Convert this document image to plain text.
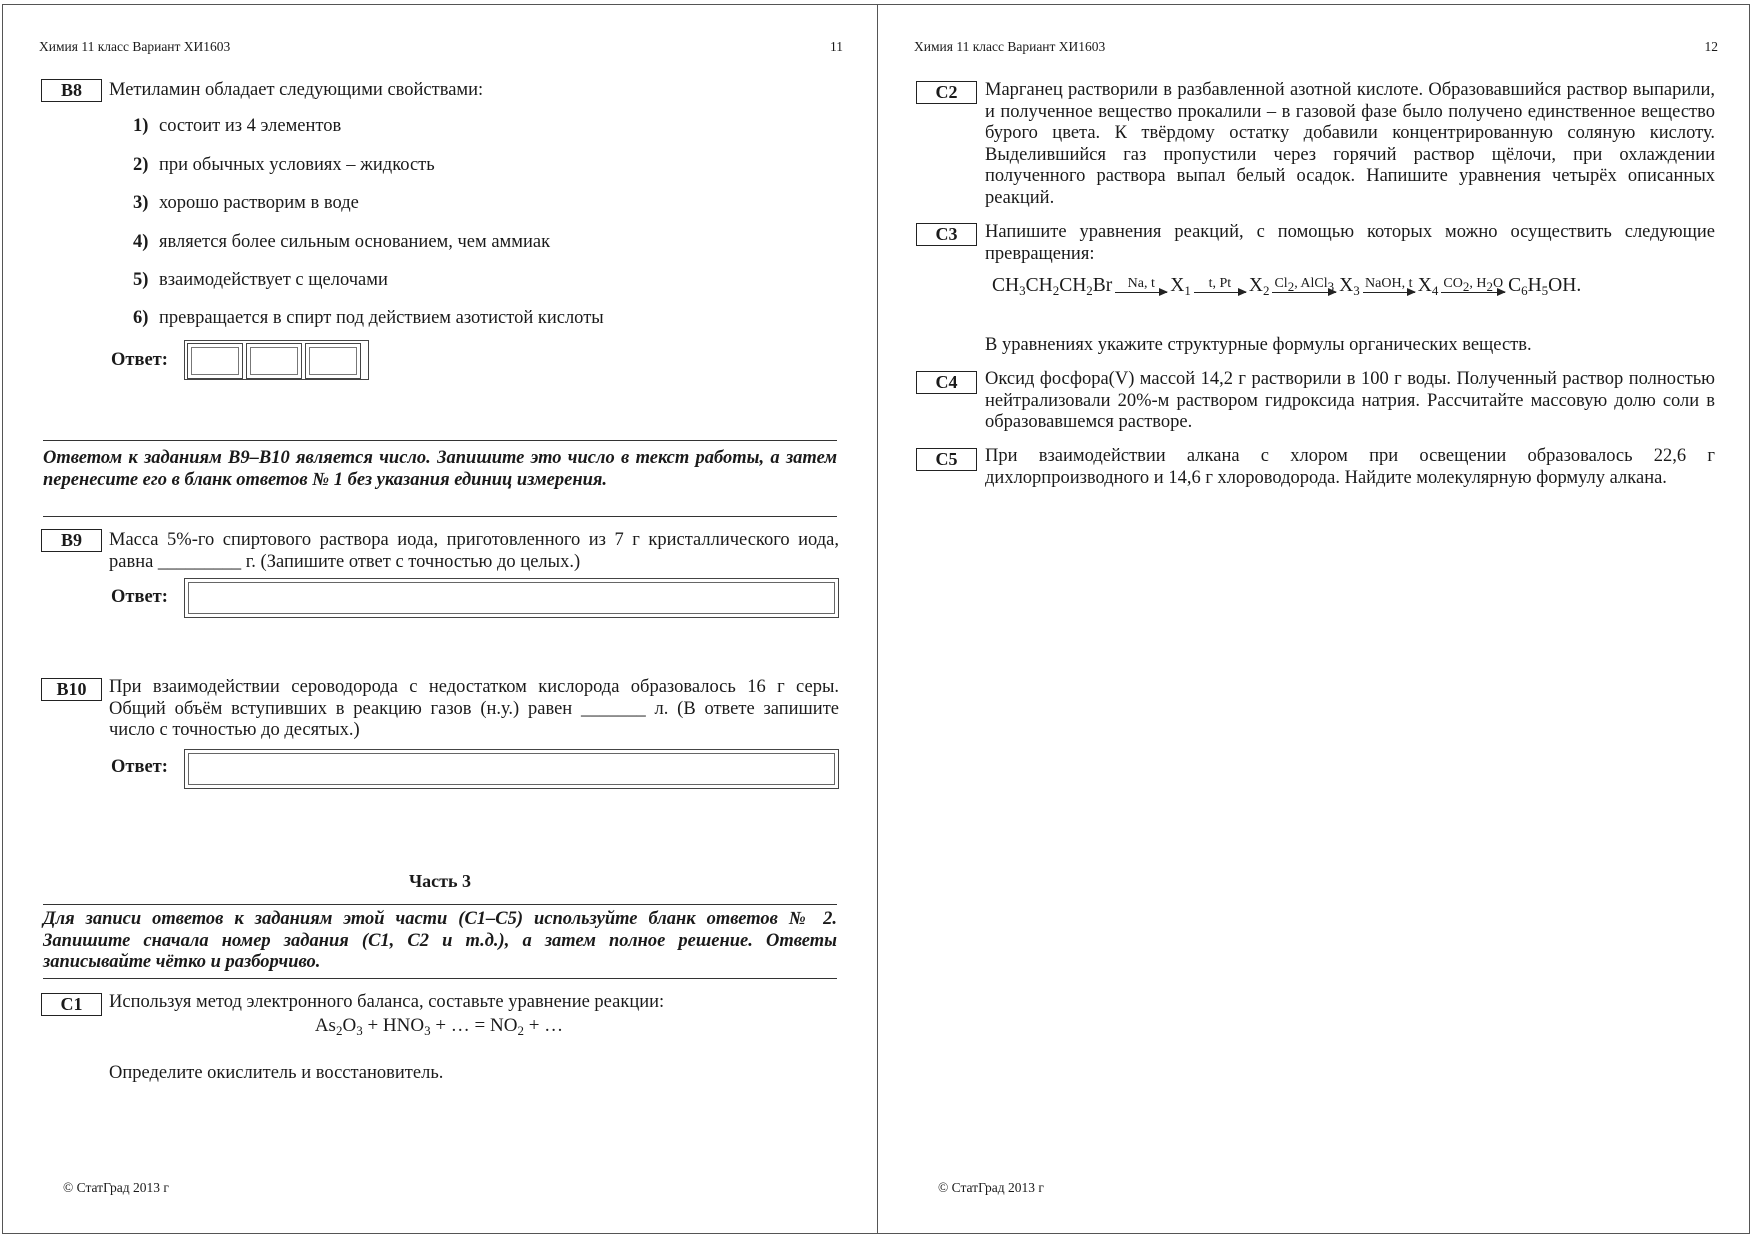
Химия 11 класс Вариант ХИ1603	11
B8	Метиламин обладает следующими свойствами:
1) состоит из 4 элементов
2) при обычных условиях – жидкость
3) хорошо растворим в воде
4) является более сильным основанием, чем аммиак
5) взаимодействует с щелочами
6) превращается в спирт под действием азотистой кислоты
Ответ:
Ответом к заданиям В9–В10 является число. Запишите это число в текст работы, а затем перенесите его в бланк ответов № 1 без указания единиц измерения.
B9	Масса 5%-го спиртового раствора иода, приготовленного из 7 г кристаллического иода, равна _________ г. (Запишите ответ с точностью до целых.)
Ответ:
B10	При взаимодействии сероводорода с недостатком кислорода образовалось 16 г серы. Общий объём вступивших в реакцию газов (н.у.) равен _______ л. (В ответе запишите число с точностью до десятых.)
Ответ:
Часть 3
Для записи ответов к заданиям этой части (С1–С5) используйте бланк ответов № 2. Запишите сначала номер задания (С1, С2 и т.д.), а затем полное решение. Ответы записывайте чётко и разборчиво.
C1	Используя метод электронного баланса, составьте уравнение реакции:
$As_2O_3 + HNO_3$ + … = $NO_2$ + …
Определите окислитель и восстановитель.
© СтатГрад 2013 г
Химия 11 класс Вариант ХИ1603	12
C2	Марганец растворили в разбавленной азотной кислоте. Образовавшийся раствор выпарили, и полученное вещество прокалили – в газовой фазе было получено единственное вещество бурого цвета. К твёрдому остатку добавили концентрированную соляную кислоту. Выделившийся газ пропустили через горячий раствор щёлочи, при охлаждении полученного раствора выпал белый осадок. Напишите уравнения четырёх описанных реакций.
C3	Напишите уравнения реакций, с помощью которых можно осуществить следующие превращения:
$CH_3CH_2CH_2Br$ Na, t $X_1$ t, Pt $X_2$ $Cl_2$, AlCl$_3$ $X_3$ NaOH, t $X_4$ $CO_2$, $H_2O$ $C_6H_5OH$.
В уравнениях укажите структурные формулы органических веществ.
C4	Оксид фосфора(V) массой 14,2 г растворили в 100 г воды. Полученный раствор полностью нейтрализовали 20%-м раствором гидроксида натрия. Рассчитайте массовую долю соли в образовавшемся растворе.
C5	При взаимодействии алкана с хлором при освещении образовалось 22,6 г дихлорпроизводного и 14,6 г хлороводорода. Найдите молекулярную формулу алкана.
© СтатГрад 2013 г
